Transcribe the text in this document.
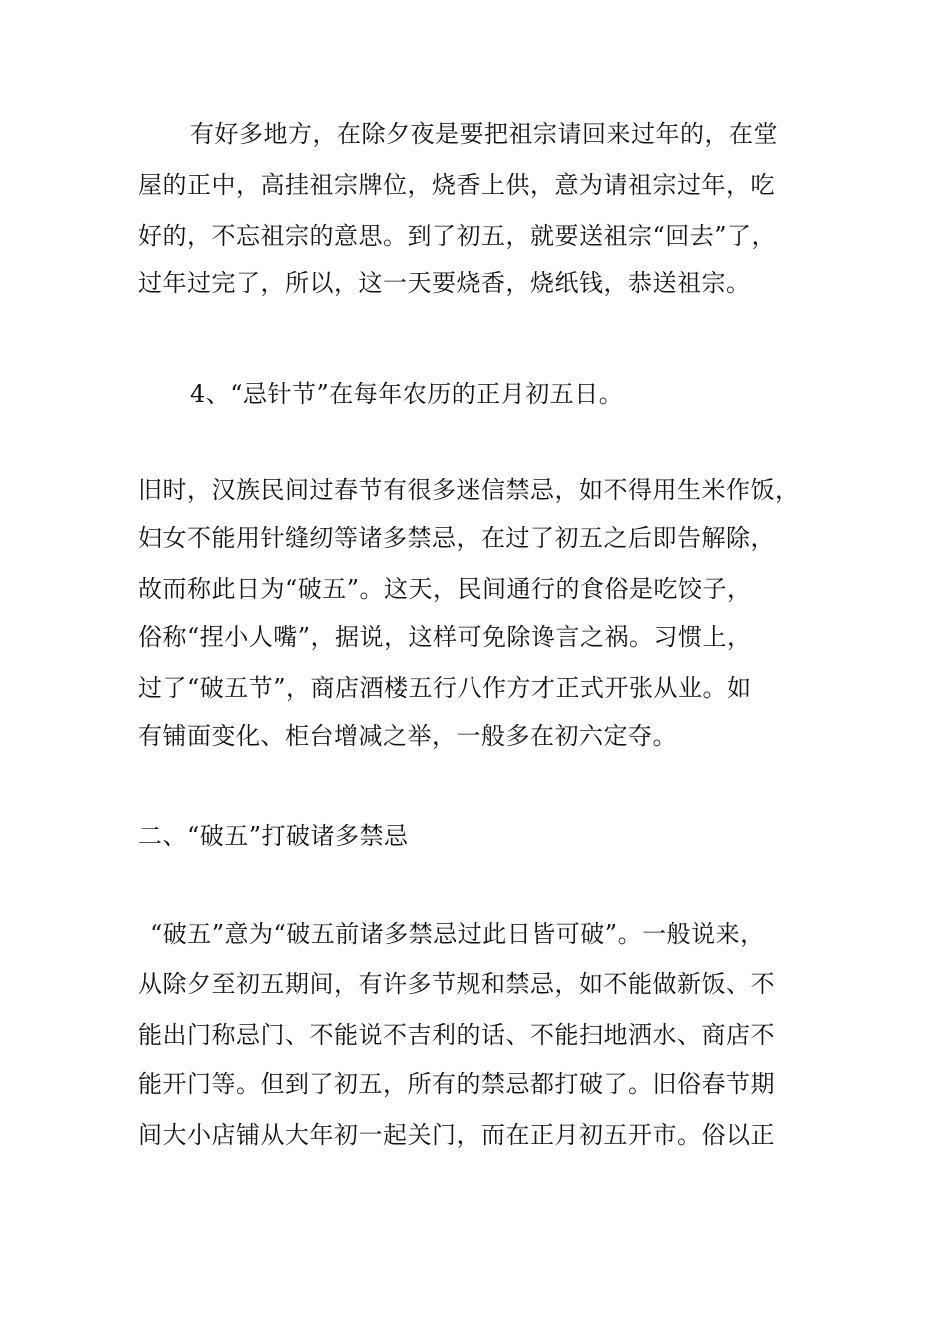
有好多地方，在除夕夜是要把祖宗请回来过年的，在堂
屋的正中，高挂祖宗牌位，烧香上供，意为请祖宗过年，吃
好的，不忘祖宗的意思。到了初五，就要送祖宗“回去”了，
过年过完了，所以，这一天要烧香，烧纸钱，恭送祖宗。
4、“忌针节”在每年农历的正月初五日。
旧时，汉族民间过春节有很多迷信禁忌，如不得用生米作饭，
妇女不能用针缝纫等诸多禁忌，在过了初五之后即告解除，
故而称此日为“破五”。这天，民间通行的食俗是吃饺子，
俗称“捏小人嘴”，据说，这样可免除谗言之祸。习惯上，
过了“破五节”，商店酒楼五行八作方才正式开张从业。如
有铺面变化、柜台增减之举，一般多在初六定夺。
二、“破五”打破诸多禁忌
“破五”意为“破五前诸多禁忌过此日皆可破”。一般说来，
从除夕至初五期间，有许多节规和禁忌，如不能做新饭、不
能出门称忌门、不能说不吉利的话、不能扫地洒水、商店不
能开门等。但到了初五，所有的禁忌都打破了。旧俗春节期
间大小店铺从大年初一起关门，而在正月初五开市。俗以正
